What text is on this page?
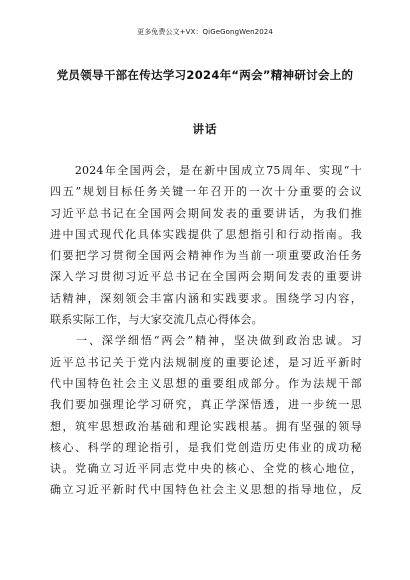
更多免费公文+VX：QiGeGongWen2024
党员领导干部在传达学习2024年“两会”精神研讨会上的
讲话
　　2024年全国两会，是在新中国成立75周年、实现“十
四五”规划目标任务关键一年召开的一次十分重要的会议
习近平总书记在全国两会期间发表的重要讲话，为我们推
进中国式现代化具体实践提供了思想指引和行动指南。我
们要把学习贯彻全国两会精神作为当前一项重要政治任务
深入学习贯彻习近平总书记在全国两会期间发表的重要讲
话精神，深刻领会丰富内涵和实践要求。围绕学习内容，
联系实际工作，与大家交流几点心得体会。
　　一、深学细悟“两会”精神，坚决做到政治忠诚。习
近平总书记关于党内法规制度的重要论述，是习近平新时
代中国特色社会主义思想的重要组成部分。作为法规干部
我们要加强理论学习研究，真正学深悟透，进一步统一思
想，筑牢思想政治基础和理论实践根基。拥有坚强的领导
核心、科学的理论指引，是我们党创造历史伟业的成功秘
诀。党确立习近平同志党中央的核心、全党的核心地位，
确立习近平新时代中国特色社会主义思想的指导地位，反
